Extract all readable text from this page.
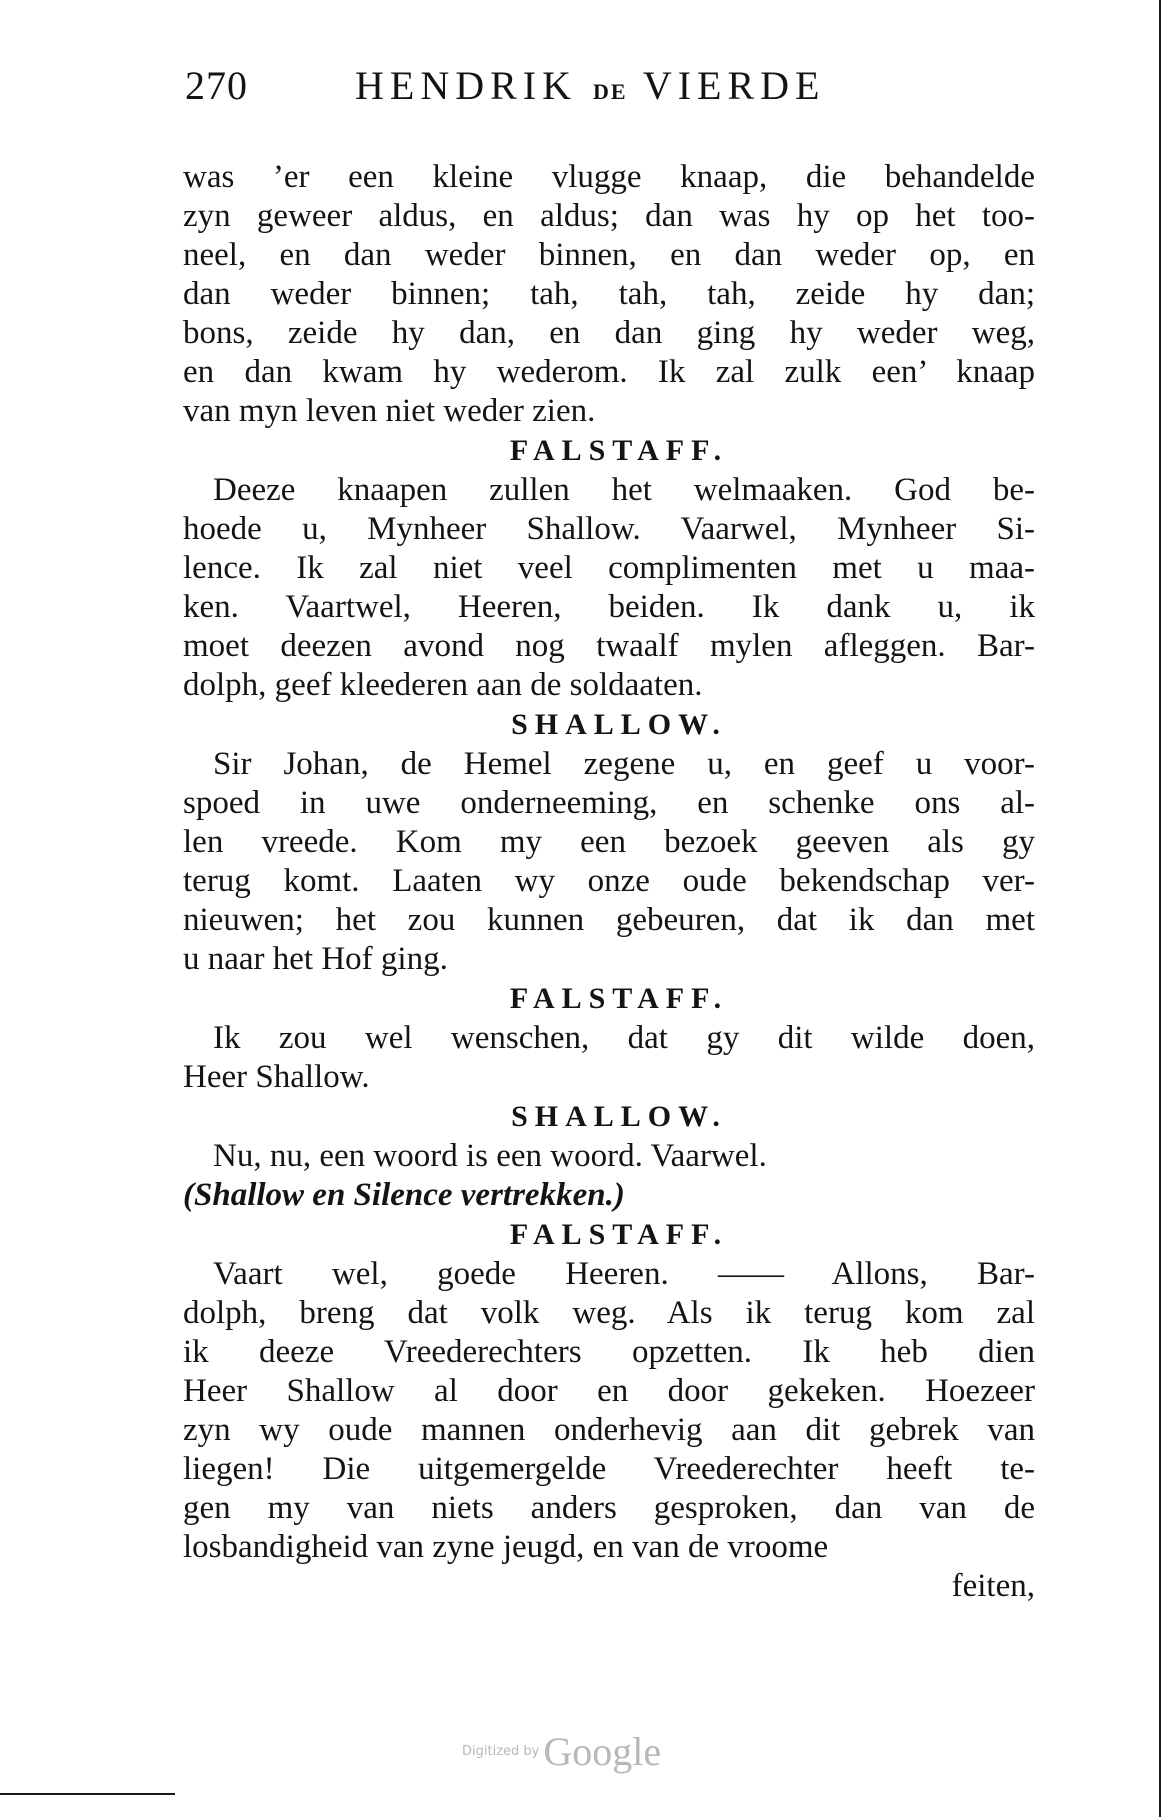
270	HENDRIK DE VIERDE
was ’er een kleine vlugge knaap, die behandelde
zyn geweer aldus, en aldus; dan was hy op het too-
neel, en dan weder binnen, en dan weder op, en
dan weder binnen; tah, tah, tah, zeide hy dan;
bons, zeide hy dan, en dan ging hy weder weg,
en dan kwam hy wederom. Ik zal zulk een’ knaap
van myn leven niet weder zien.
FALSTAFF.
Deeze knaapen zullen het welmaaken. God be-
hoede u, Mynheer Shallow. Vaarwel, Mynheer Si-
lence. Ik zal niet veel complimenten met u maa-
ken. Vaartwel, Heeren, beiden. Ik dank u, ik
moet deezen avond nog twaalf mylen afleggen. Bar-
dolph, geef kleederen aan de soldaaten.
SHALLOW.
Sir Johan, de Hemel zegene u, en geef u voor-
spoed in uwe onderneeming, en schenke ons al-
len vreede. Kom my een bezoek geeven als gy
terug komt. Laaten wy onze oude bekendschap ver-
nieuwen; het zou kunnen gebeuren, dat ik dan met
u naar het Hof ging.
FALSTAFF.
Ik zou wel wenschen, dat gy dit wilde doen,
Heer Shallow.
SHALLOW.
Nu, nu, een woord is een woord. Vaarwel.
(Shallow en Silence vertrekken.)
FALSTAFF.
Vaart wel, goede Heeren. —— Allons, Bar-
dolph, breng dat volk weg. Als ik terug kom zal
ik deeze Vreederechters opzetten. Ik heb dien
Heer Shallow al door en door gekeken. Hoezeer
zyn wy oude mannen onderhevig aan dit gebrek van
liegen! Die uitgemergelde Vreederechter heeft te-
gen my van niets anders gesproken, dan van de
losbandigheid van zyne jeugd, en van de vroome
feiten,
Digitized by Google
